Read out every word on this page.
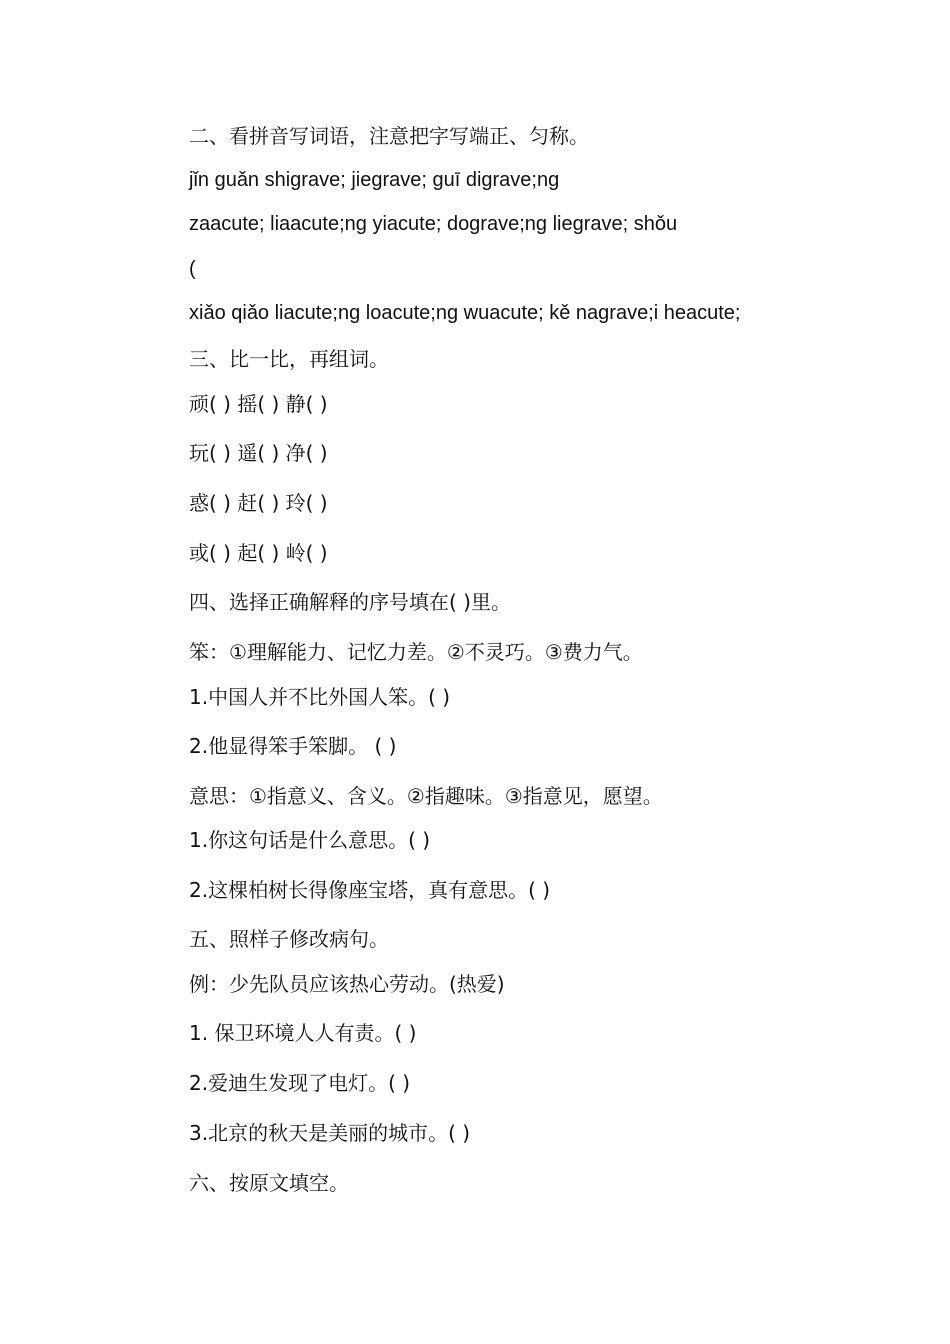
二、看拼音写词语，注意把字写端正、匀称。
jǐn guǎn shigrave; jiegrave; guī digrave;ng
zaacute; liaacute;ng yiacute; dograve;ng liegrave; shǒu
(
xiǎo qiǎo liacute;ng loacute;ng wuacute; kě nagrave;i heacute;
三、比一比，再组词。
顽( ) 摇( ) 静( )
玩( ) 遥( ) 净( )
惑( ) 赶( ) 玲( )
或( ) 起( ) 岭( )
四、选择正确解释的序号填在( )里。
笨：①理解能力、记忆力差。②不灵巧。③费力气。
1.中国人并不比外国人笨。( )
2.他显得笨手笨脚。 ( )
意思：①指意义、含义。②指趣味。③指意见，愿望。
1.你这句话是什么意思。( )
2.这棵柏树长得像座宝塔，真有意思。( )
五、照样子修改病句。
例：少先队员应该热心劳动。(热爱)
1. 保卫环境人人有责。( )
2.爱迪生发现了电灯。( )
3.北京的秋天是美丽的城市。( )
六、按原文填空。
